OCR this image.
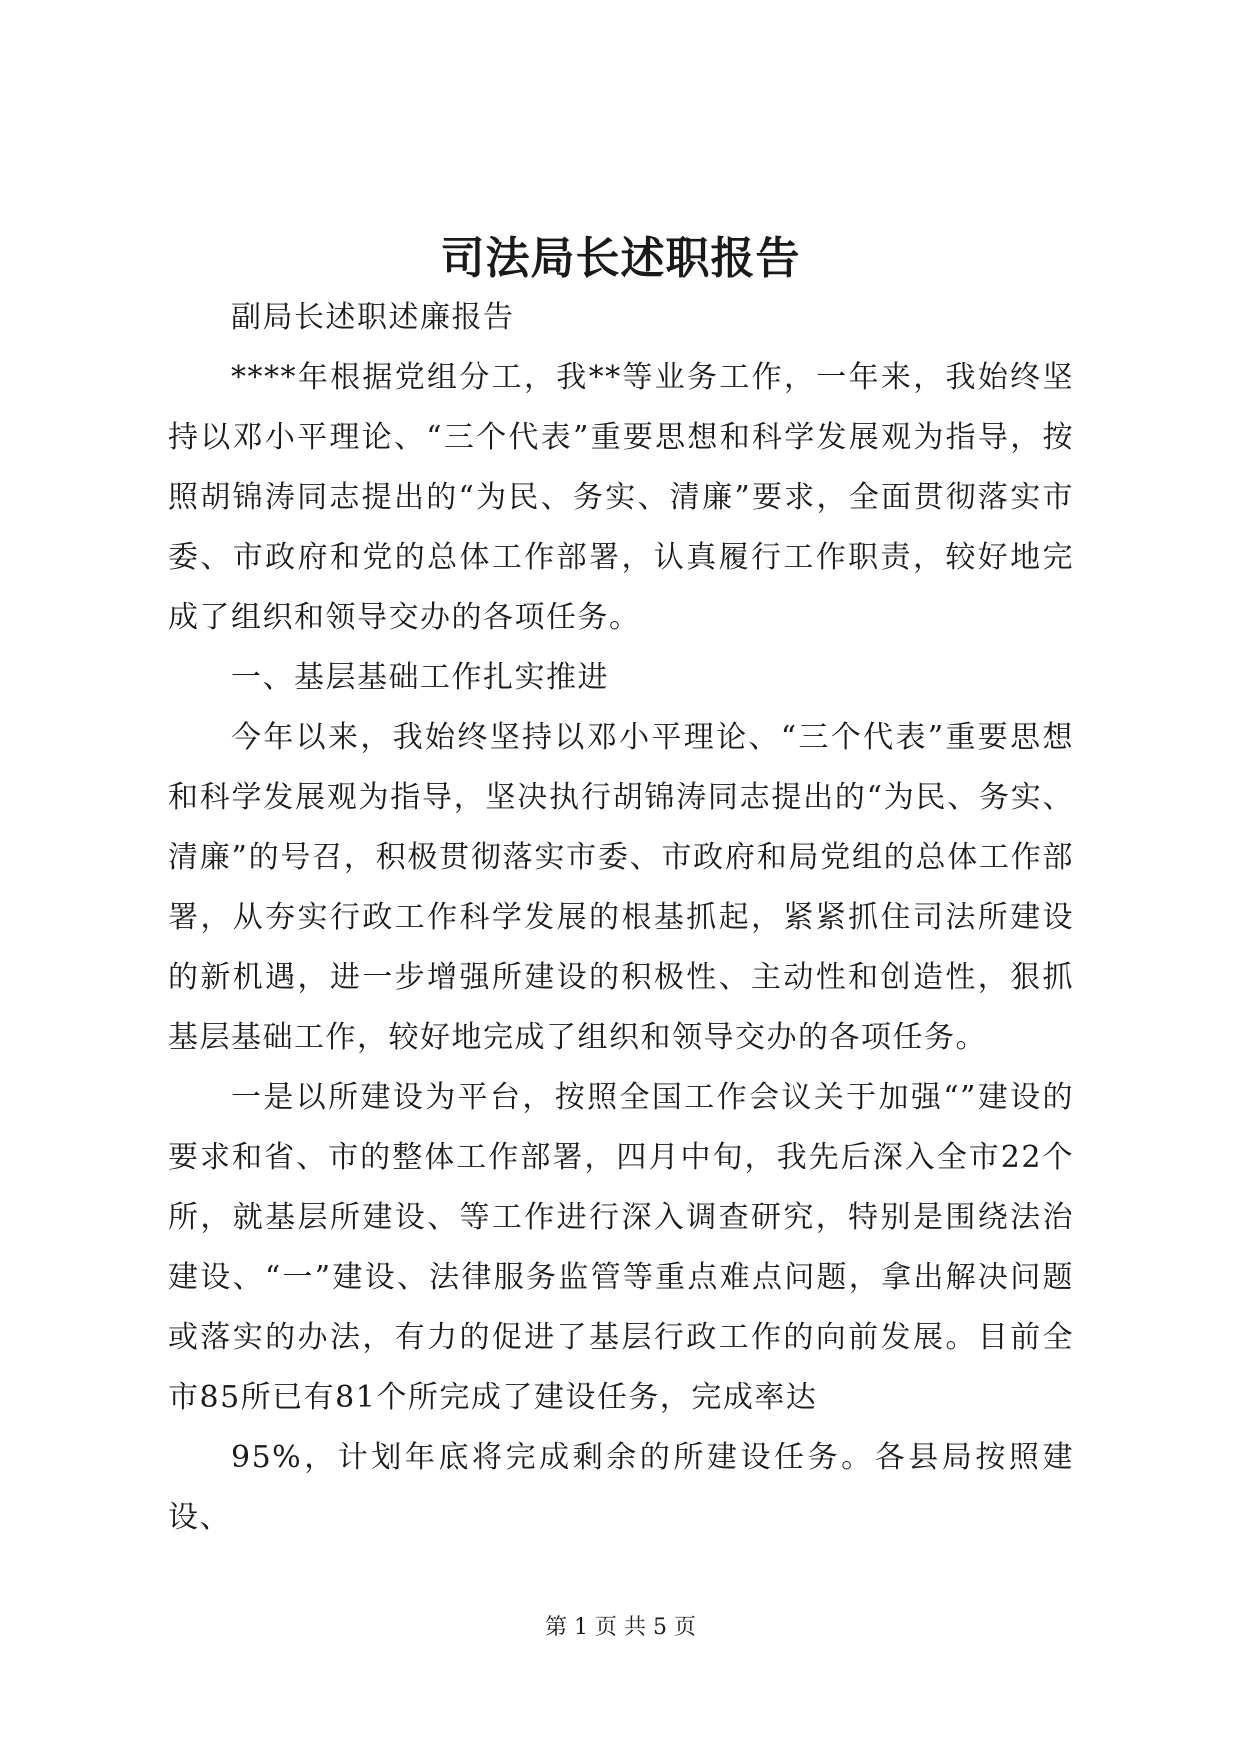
司法局长述职报告

副局长述职述廉报告

****年根据党组分工，我**等业务工作，一年来，我始终坚持以邓小平理论、“三个代表”重要思想和科学发展观为指导，按照胡锦涛同志提出的“为民、务实、清廉”要求，全面贯彻落实市委、市政府和党的总体工作部署，认真履行工作职责，较好地完成了组织和领导交办的各项任务。

一、基层基础工作扎实推进

今年以来，我始终坚持以邓小平理论、“三个代表”重要思想和科学发展观为指导，坚决执行胡锦涛同志提出的“为民、务实、清廉”的号召，积极贯彻落实市委、市政府和局党组的总体工作部署，从夯实行政工作科学发展的根基抓起，紧紧抓住司法所建设的新机遇，进一步增强所建设的积极性、主动性和创造性，狠抓基层基础工作，较好地完成了组织和领导交办的各项任务。

一是以所建设为平台，按照全国工作会议关于加强“”建设的要求和省、市的整体工作部署，四月中旬，我先后深入全市22个所，就基层所建设、等工作进行深入调查研究，特别是围绕法治建设、“一”建设、法律服务监管等重点难点问题，拿出解决问题或落实的办法，有力的促进了基层行政工作的向前发展。目前全市85所已有81个所完成了建设任务，完成率达

95%，计划年底将完成剩余的所建设任务。各县局按照建设、

第 1 页 共 5 页
